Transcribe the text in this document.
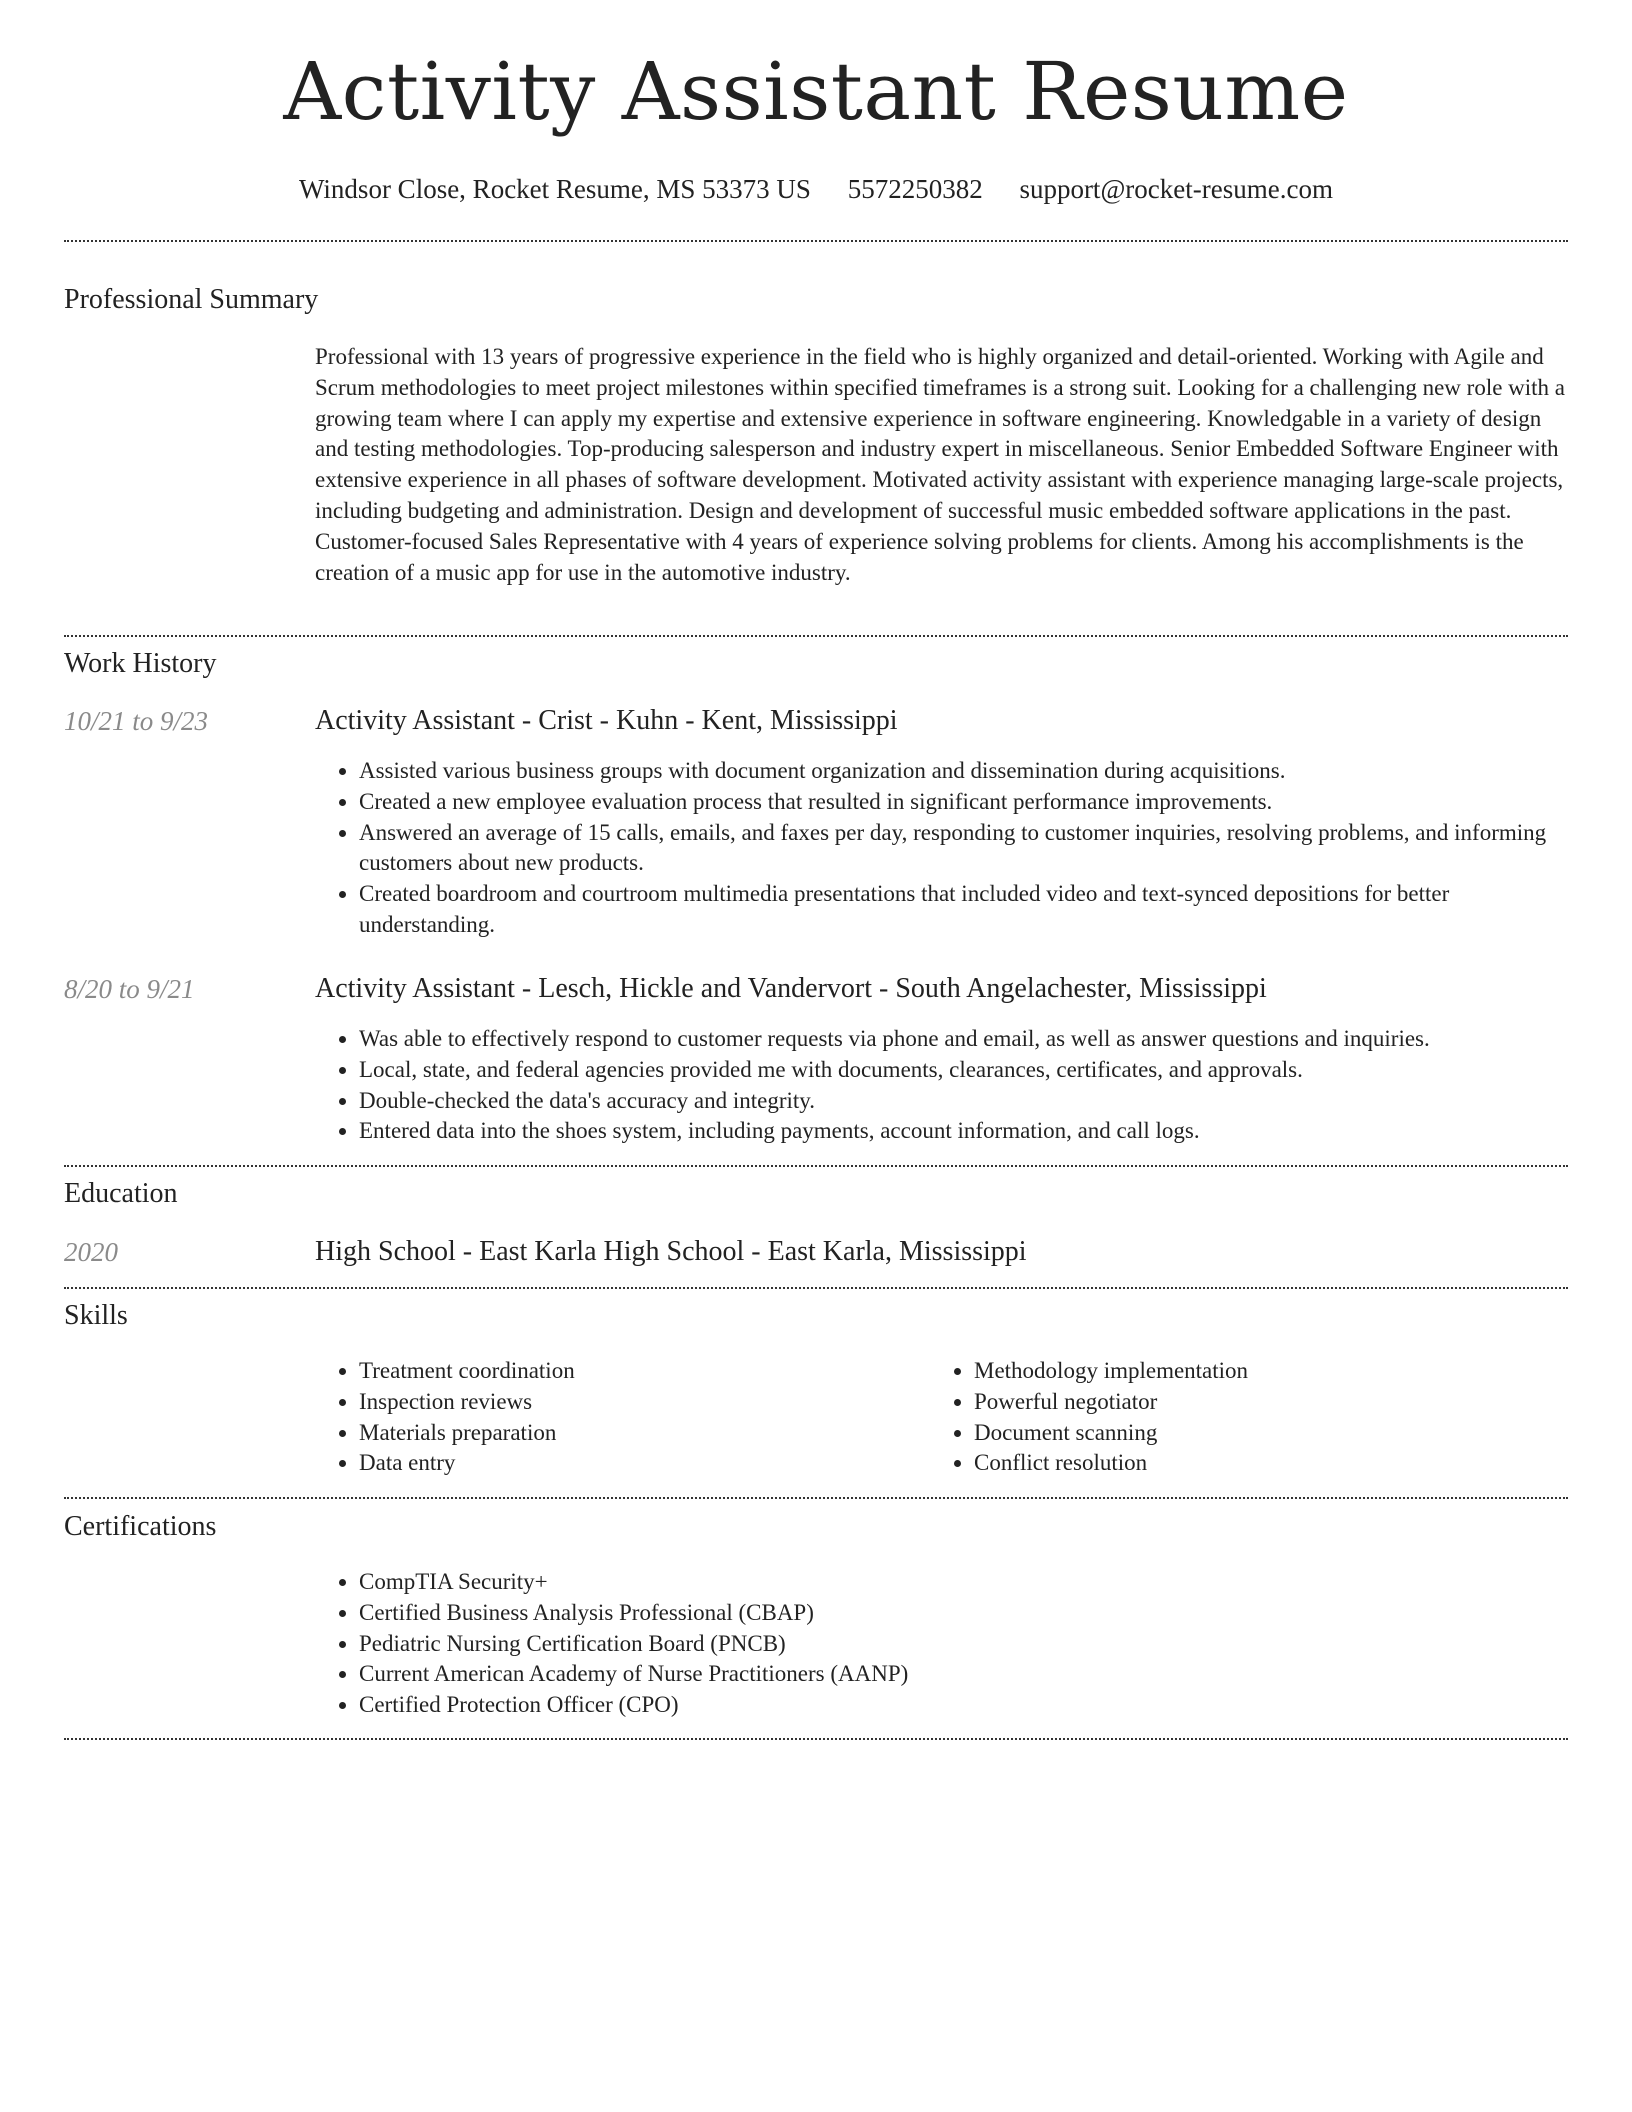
Activity Assistant Resume
Windsor Close, Rocket Resume, MS 53373 US 5572250382 support@rocket-resume.com
Professional Summary
Professional with 13 years of progressive experience in the field who is highly organized and detail-oriented. Working with Agile and Scrum methodologies to meet project milestones within specified timeframes is a strong suit. Looking for a challenging new role with a growing team where I can apply my expertise and extensive experience in software engineering. Knowledgable in a variety of design and testing methodologies. Top-producing salesperson and industry expert in miscellaneous. Senior Embedded Software Engineer with extensive experience in all phases of software development. Motivated activity assistant with experience managing large-scale projects, including budgeting and administration. Design and development of successful music embedded software applications in the past. Customer-focused Sales Representative with 4 years of experience solving problems for clients. Among his accomplishments is the creation of a music app for use in the automotive industry.
Work History
10/21 to 9/23	Activity Assistant - Crist - Kuhn - Kent, Mississippi
• Assisted various business groups with document organization and dissemination during acquisitions.
• Created a new employee evaluation process that resulted in significant performance improvements.
• Answered an average of 15 calls, emails, and faxes per day, responding to customer inquiries, resolving problems, and informing customers about new products.
• Created boardroom and courtroom multimedia presentations that included video and text-synced depositions for better understanding.
8/20 to 9/21	Activity Assistant - Lesch, Hickle and Vandervort - South Angelachester, Mississippi
• Was able to effectively respond to customer requests via phone and email, as well as answer questions and inquiries.
• Local, state, and federal agencies provided me with documents, clearances, certificates, and approvals.
• Double-checked the data's accuracy and integrity.
• Entered data into the shoes system, including payments, account information, and call logs.
Education
2020	High School - East Karla High School - East Karla, Mississippi
Skills
• Treatment coordination
• Inspection reviews
• Materials preparation
• Data entry
• Methodology implementation
• Powerful negotiator
• Document scanning
• Conflict resolution
Certifications
• CompTIA Security+
• Certified Business Analysis Professional (CBAP)
• Pediatric Nursing Certification Board (PNCB)
• Current American Academy of Nurse Practitioners (AANP)
• Certified Protection Officer (CPO)
